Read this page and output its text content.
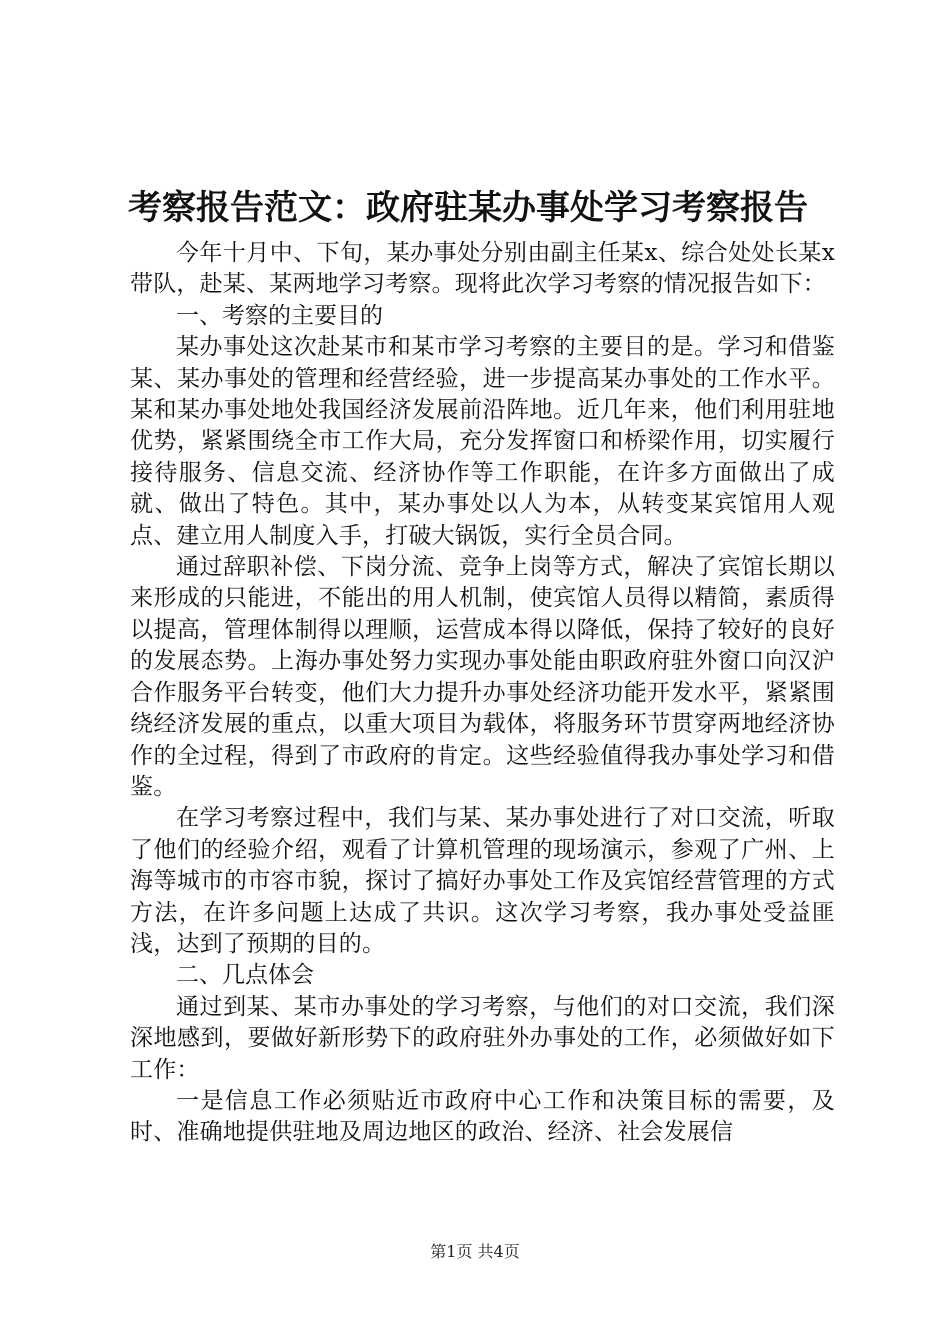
考察报告范文：政府驻某办事处学习考察报告

今年十月中、下旬，某办事处分别由副主任某x、综合处处长某x带队，赴某、某两地学习考察。现将此次学习考察的情况报告如下：

一、考察的主要目的

某办事处这次赴某市和某市学习考察的主要目的是。学习和借鉴某、某办事处的管理和经营经验，进一步提高某办事处的工作水平。某和某办事处地处我国经济发展前沿阵地。近几年来，他们利用驻地优势，紧紧围绕全市工作大局，充分发挥窗口和桥梁作用，切实履行接待服务、信息交流、经济协作等工作职能，在许多方面做出了成就、做出了特色。其中，某办事处以人为本，从转变某宾馆用人观点、建立用人制度入手，打破大锅饭，实行全员合同。

通过辞职补偿、下岗分流、竞争上岗等方式，解决了宾馆长期以来形成的只能进，不能出的用人机制，使宾馆人员得以精简，素质得以提高，管理体制得以理顺，运营成本得以降低，保持了较好的良好的发展态势。上海办事处努力实现办事处能由职政府驻外窗口向汉沪合作服务平台转变，他们大力提升办事处经济功能开发水平，紧紧围绕经济发展的重点，以重大项目为载体，将服务环节贯穿两地经济协作的全过程，得到了市政府的肯定。这些经验值得我办事处学习和借鉴。

在学习考察过程中，我们与某、某办事处进行了对口交流，听取了他们的经验介绍，观看了计算机管理的现场演示，参观了广州、上海等城市的市容市貌，探讨了搞好办事处工作及宾馆经营管理的方式方法，在许多问题上达成了共识。这次学习考察，我办事处受益匪浅，达到了预期的目的。

二、几点体会

通过到某、某市办事处的学习考察，与他们的对口交流，我们深深地感到，要做好新形势下的政府驻外办事处的工作，必须做好如下工作：

一是信息工作必须贴近市政府中心工作和决策目标的需要，及时、准确地提供驻地及周边地区的政治、经济、社会发展信

第1页 共4页
